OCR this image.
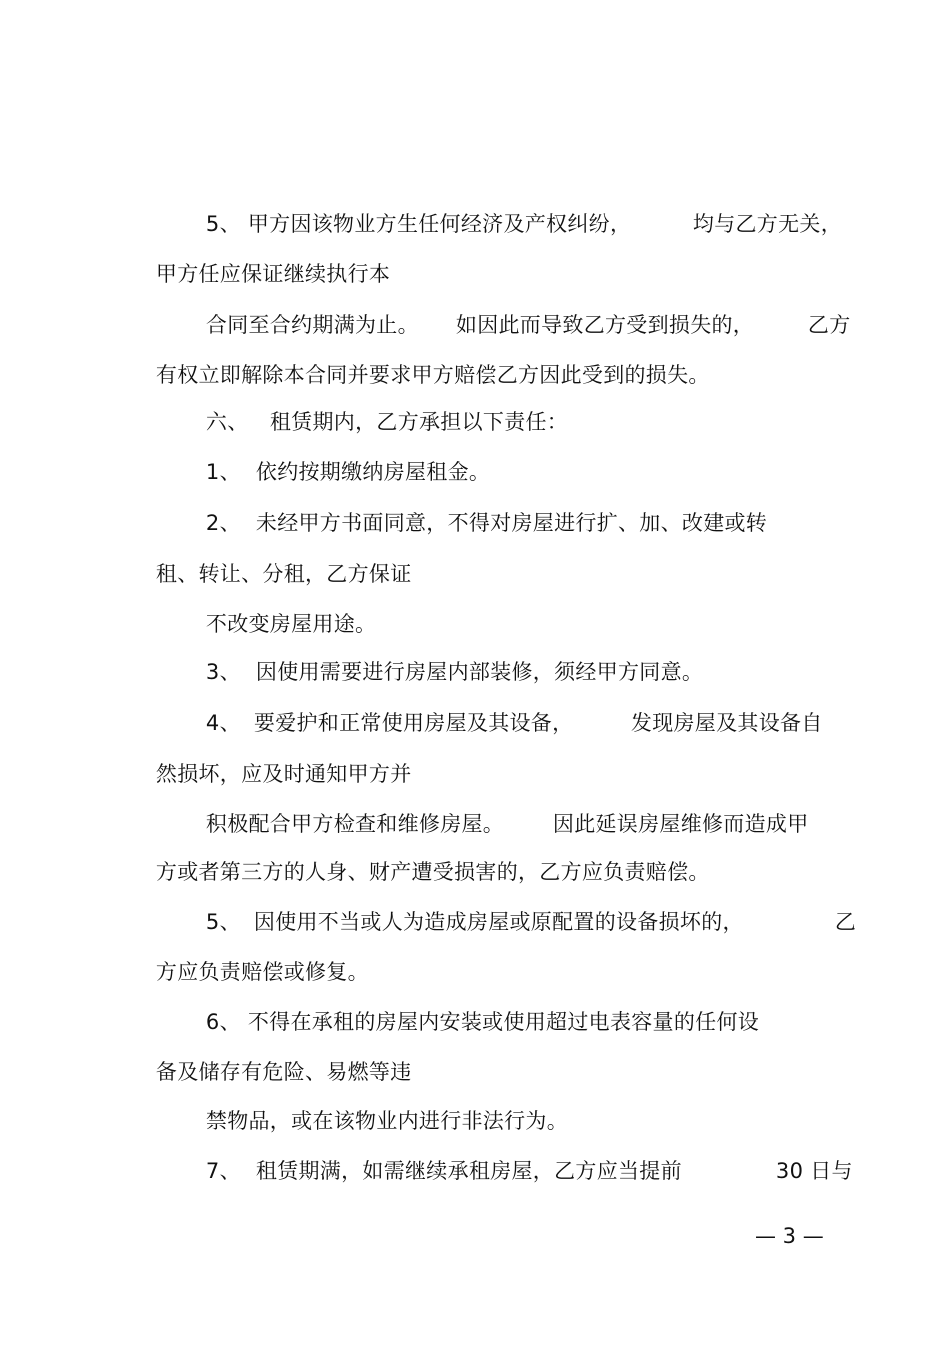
5、 甲方因该物业方生任何经济及产权纠纷，
	均与乙方无关，

甲方任应保证继续执行本

合同至合约期满为止。
	如因此而导致乙方受到损失的，
	乙方

有权立即解除本合同并要求甲方赔偿乙方因此受到的损失。

六、
	租赁期内，乙方承担以下责任：

1、
依约按期缴纳房屋租金。

2、
未经甲方书面同意，不得对房屋进行扩、加、改建或转

租、转让、分租，乙方保证

不改变房屋用途。

3、
因使用需要进行房屋内部装修，须经甲方同意。

4、
要爱护和正常使用房屋及其设备，
	发现房屋及其设备自

然损坏，应及时通知甲方并

积极配合甲方检查和维修房屋。
	因此延误房屋维修而造成甲

方或者第三方的人身、财产遭受损害的，乙方应负责赔偿。

5、
因使用不当或人为造成房屋或原配置的设备损坏的，
	乙

方应负责赔偿或修复。

6、 不得在承租的房屋内安装或使用超过电表容量的任何设

备及储存有危险、易燃等违

禁物品，或在该物业内进行非法行为。

7、
租赁期满，如需继续承租房屋，乙方应当提前
	30 日与

— 3 —
